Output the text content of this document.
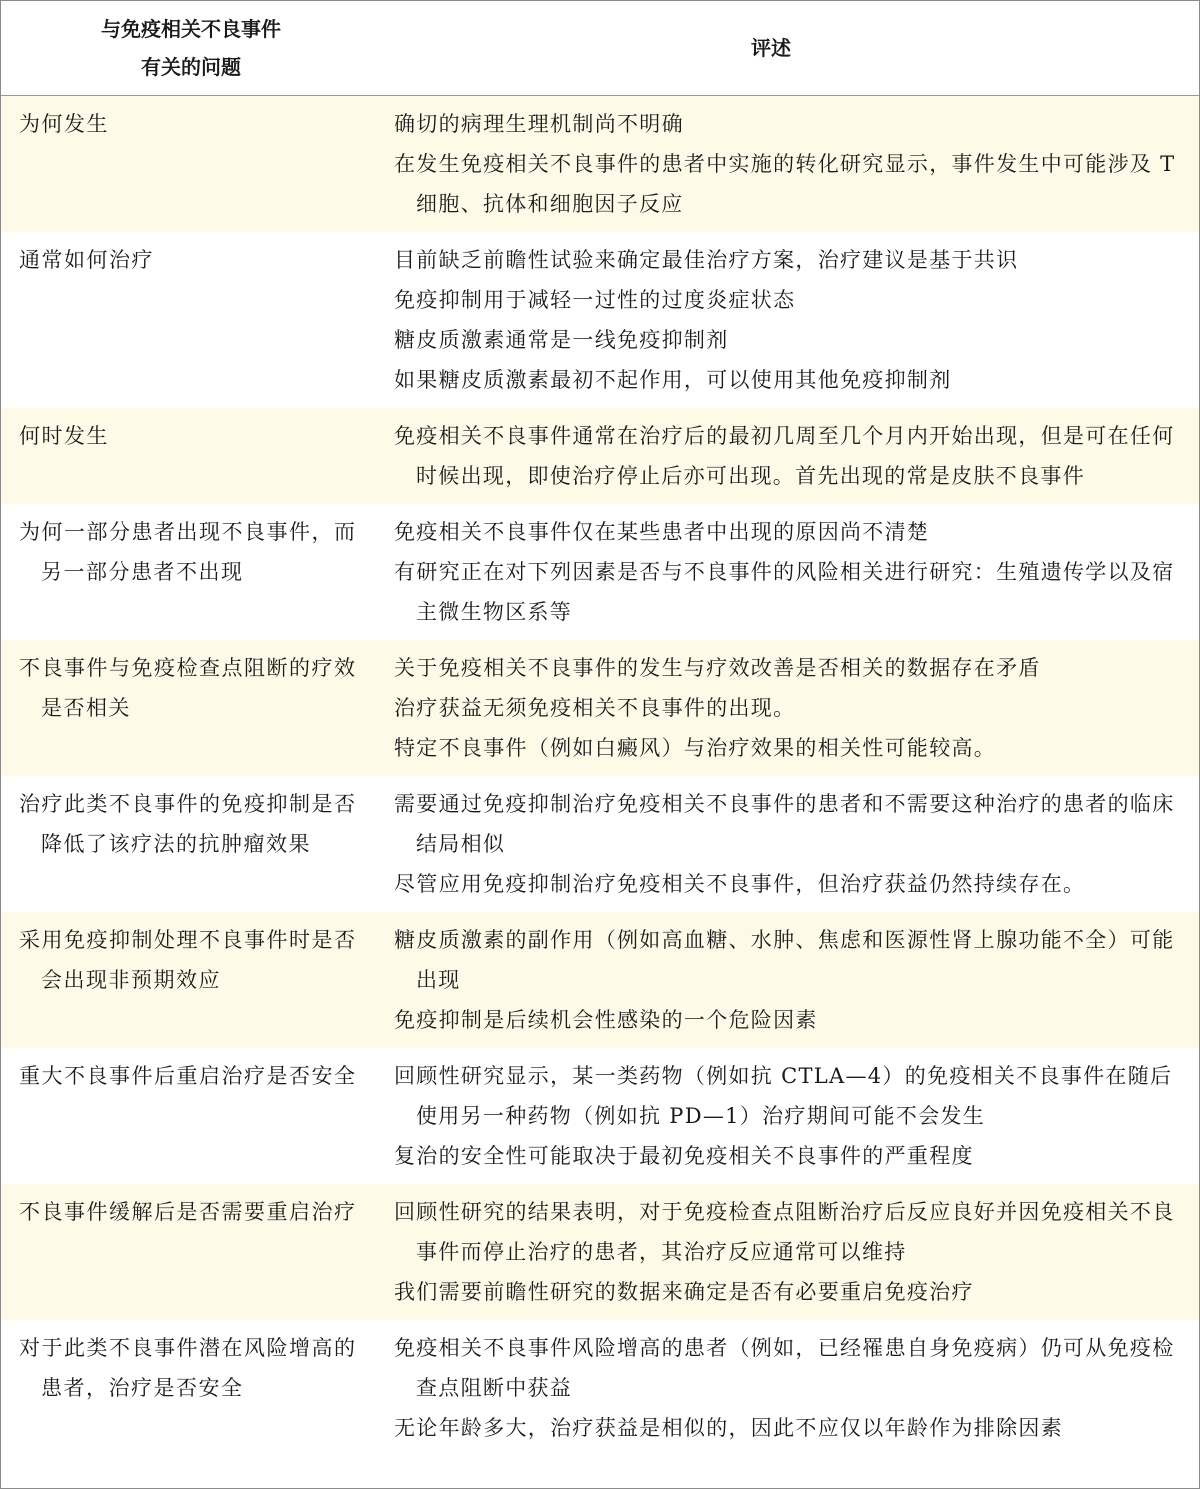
与免疫相关不良事件
有关的问题	评述

为何发生	确切的病理生理机制尚不明确
在发生免疫相关不良事件的患者中实施的转化研究显示，事件发生中可能涉及 T 细胞、抗体和细胞因子反应

通常如何治疗	目前缺乏前瞻性试验来确定最佳治疗方案，治疗建议是基于共识
免疫抑制用于减轻一过性的过度炎症状态
糖皮质激素通常是一线免疫抑制剂
如果糖皮质激素最初不起作用，可以使用其他免疫抑制剂

何时发生	免疫相关不良事件通常在治疗后的最初几周至几个月内开始出现，但是可在任何时候出现，即使治疗停止后亦可出现。首先出现的常是皮肤不良事件

为何一部分患者出现不良事件，而另一部分患者不出现	免疫相关不良事件仅在某些患者中出现的原因尚不清楚
有研究正在对下列因素是否与不良事件的风险相关进行研究：生殖遗传学以及宿主微生物区系等

不良事件与免疫检查点阻断的疗效是否相关	关于免疫相关不良事件的发生与疗效改善是否相关的数据存在矛盾
治疗获益无须免疫相关不良事件的出现。
特定不良事件（例如白癜风）与治疗效果的相关性可能较高。

治疗此类不良事件的免疫抑制是否降低了该疗法的抗肿瘤效果	需要通过免疫抑制治疗免疫相关不良事件的患者和不需要这种治疗的患者的临床结局相似
尽管应用免疫抑制治疗免疫相关不良事件，但治疗获益仍然持续存在。

采用免疫抑制处理不良事件时是否会出现非预期效应	糖皮质激素的副作用（例如高血糖、水肿、焦虑和医源性肾上腺功能不全）可能出现
免疫抑制是后续机会性感染的一个危险因素

重大不良事件后重启治疗是否安全	回顾性研究显示，某一类药物（例如抗 CTLA—4）的免疫相关不良事件在随后使用另一种药物（例如抗 PD—1）治疗期间可能不会发生
复治的安全性可能取决于最初免疫相关不良事件的严重程度

不良事件缓解后是否需要重启治疗	回顾性研究的结果表明，对于免疫检查点阻断治疗后反应良好并因免疫相关不良事件而停止治疗的患者，其治疗反应通常可以维持
我们需要前瞻性研究的数据来确定是否有必要重启免疫治疗

对于此类不良事件潜在风险增高的患者，治疗是否安全	免疫相关不良事件风险增高的患者（例如，已经罹患自身免疫病）仍可从免疫检查点阻断中获益
无论年龄多大，治疗获益是相似的，因此不应仅以年龄作为排除因素
